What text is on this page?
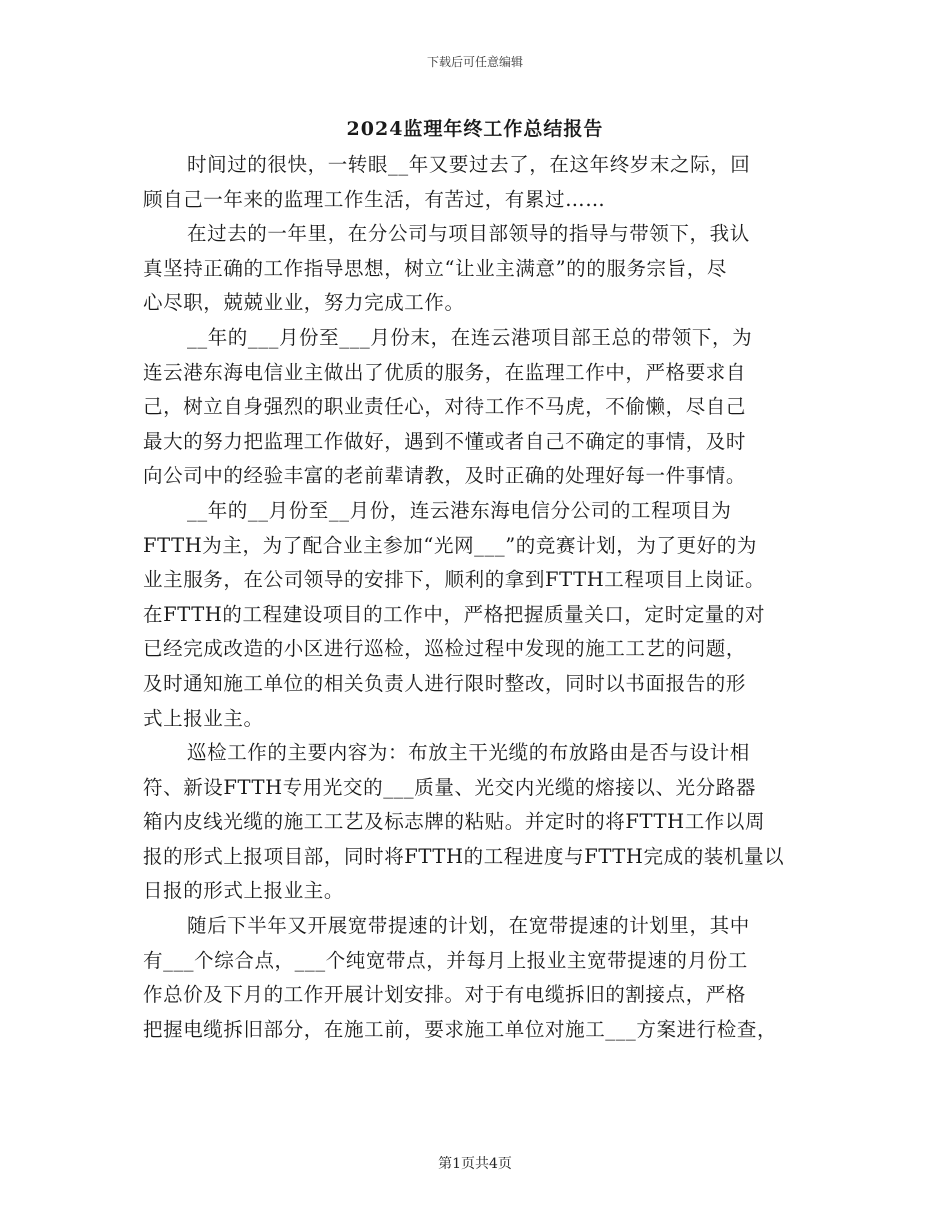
下载后可任意编辑
2024监理年终工作总结报告
时间过的很快，一转眼__年又要过去了，在这年终岁末之际，回
顾自己一年来的监理工作生活，有苦过，有累过……
在过去的一年里，在分公司与项目部领导的指导与带领下，我认
真坚持正确的工作指导思想，树立“让业主满意”的的服务宗旨，尽
心尽职，兢兢业业，努力完成工作。
__年的___月份至___月份末，在连云港项目部王总的带领下，为
连云港东海电信业主做出了优质的服务，在监理工作中，严格要求自
己，树立自身强烈的职业责任心，对待工作不马虎，不偷懒，尽自己
最大的努力把监理工作做好，遇到不懂或者自己不确定的事情，及时
向公司中的经验丰富的老前辈请教，及时正确的处理好每一件事情。
__年的__月份至__月份，连云港东海电信分公司的工程项目为
FTTH为主，为了配合业主参加“光网___”的竞赛计划，为了更好的为
业主服务，在公司领导的安排下，顺利的拿到FTTH工程项目上岗证。
在FTTH的工程建设项目的工作中，严格把握质量关口，定时定量的对
已经完成改造的小区进行巡检，巡检过程中发现的施工工艺的问题，
及时通知施工单位的相关负责人进行限时整改，同时以书面报告的形
式上报业主。
巡检工作的主要内容为：布放主干光缆的布放路由是否与设计相
符、新设FTTH专用光交的___质量、光交内光缆的熔接以、光分路器
箱内皮线光缆的施工工艺及标志牌的粘贴。并定时的将FTTH工作以周
报的形式上报项目部，同时将FTTH的工程进度与FTTH完成的装机量以
日报的形式上报业主。
随后下半年又开展宽带提速的计划，在宽带提速的计划里，其中
有___个综合点，___个纯宽带点，并每月上报业主宽带提速的月份工
作总价及下月的工作开展计划安排。对于有电缆拆旧的割接点，严格
把握电缆拆旧部分，在施工前，要求施工单位对施工___方案进行检查，
第1页共4页
